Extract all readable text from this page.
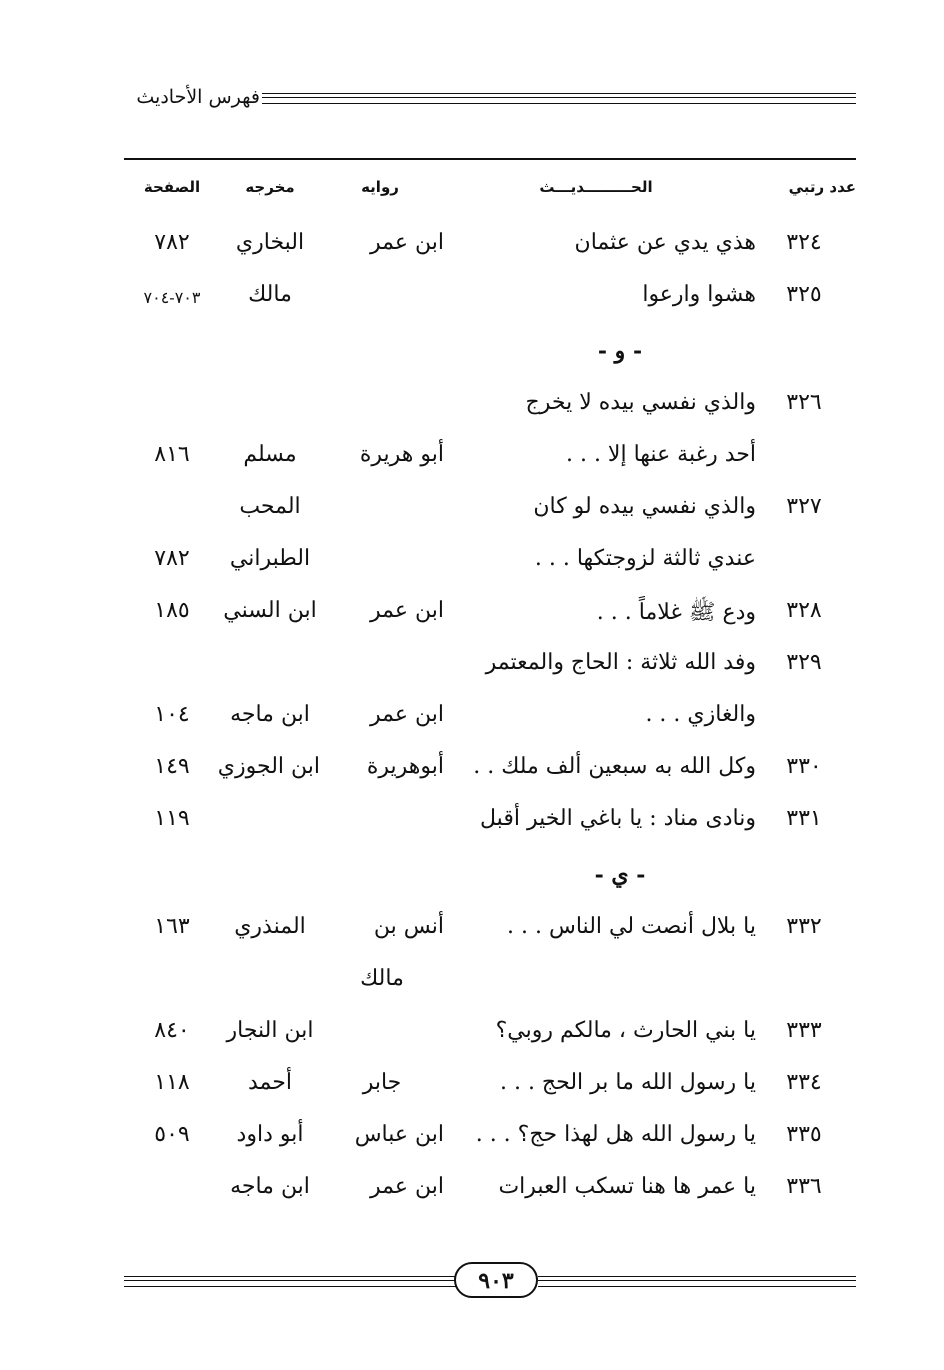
فهرس الأحاديث
عدد رتبي
الحـــــــــديـــث
روايه
مخرجه
الصفحة
٣٢٤
هذي يدي عن عثمان
ابن عمر
البخاري
٧٨٢
٣٢٥
هشوا وارعوا
مالك
٧٠٣-٧٠٤
- و -
٣٢٦
والذي نفسي بيده لا يخرج
أحد رغبة عنها إلا . . .
أبو هريرة
مسلم
٨١٦
٣٢٧
والذي نفسي بيده لو كان
المحب
عندي ثالثة لزوجتكها . . .
الطبراني
٧٨٢
٣٢٨
ودع ﷺ غلاماً . . .
ابن عمر
ابن السني
١٨٥
٣٢٩
وفد الله ثلاثة : الحاج والمعتمر
والغازي . . .
ابن عمر
ابن ماجه
١٠٤
٣٣٠
وكل الله به سبعين ألف ملك . .
أبوهريرة
ابن الجوزي
١٤٩
٣٣١
ونادى مناد : يا باغي الخير أقبل
١١٩
- ي -
٣٣٢
يا بلال أنصت لي الناس . . .
أنس بن
المنذري
١٦٣
مالك
٣٣٣
يا بني الحارث ، مالكم روبي؟
ابن النجار
٨٤٠
٣٣٤
يا رسول الله ما بر الحج . . .
جابر
أحمد
١١٨
٣٣٥
يا رسول الله هل لهذا حج؟ . . .
ابن عباس
أبو داود
٥٠٩
٣٣٦
يا عمر ها هنا تسكب العبرات
ابن عمر
ابن ماجه
٩٠٣
